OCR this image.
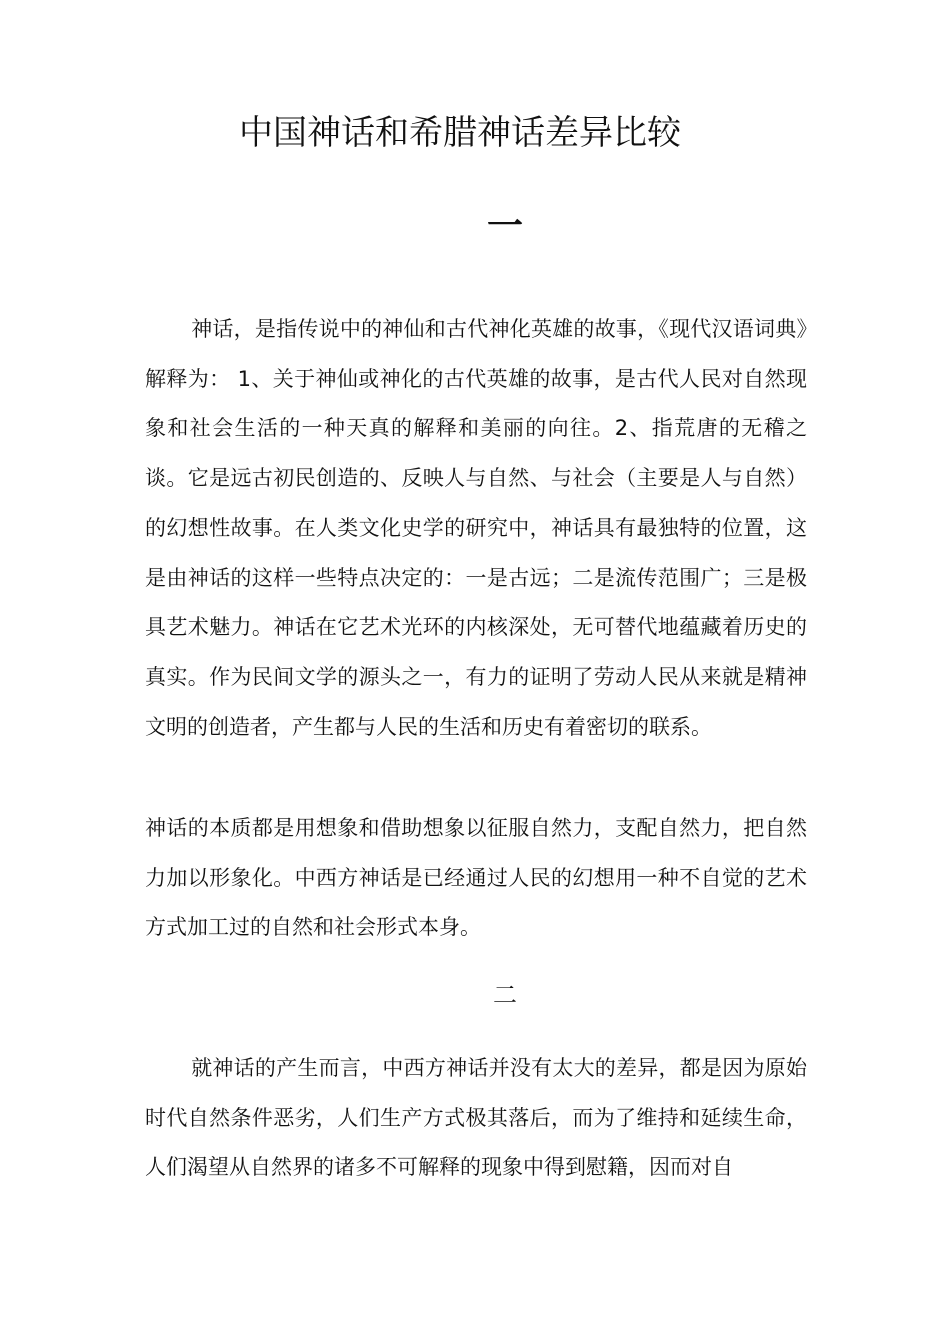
中国神话和希腊神话差异比较
一

神话，是指传说中的神仙和古代神化英雄的故事，《现代汉语词典》解释为： 1、关于神仙或神化的古代英雄的故事，是古代人民对自然现象和社会生活的一种天真的解释和美丽的向往。2、指荒唐的无稽之谈。它是远古初民创造的、反映人与自然、与社会（主要是人与自然）的幻想性故事。在人类文化史学的研究中，神话具有最独特的位置，这是由神话的这样一些特点决定的：一是古远；二是流传范围广；三是极具艺术魅力。神话在它艺术光环的内核深处，无可替代地蕴藏着历史的真实。作为民间文学的源头之一，有力的证明了劳动人民从来就是精神文明的创造者，产生都与人民的生活和历史有着密切的联系。

神话的本质都是用想象和借助想象以征服自然力，支配自然力，把自然力加以形象化。中西方神话是已经通过人民的幻想用一种不自觉的艺术方式加工过的自然和社会形式本身。

二

就神话的产生而言，中西方神话并没有太大的差异，都是因为原始时代自然条件恶劣，人们生产方式极其落后，而为了维持和延续生命，人们渴望从自然界的诸多不可解释的现象中得到慰籍，因而对自
